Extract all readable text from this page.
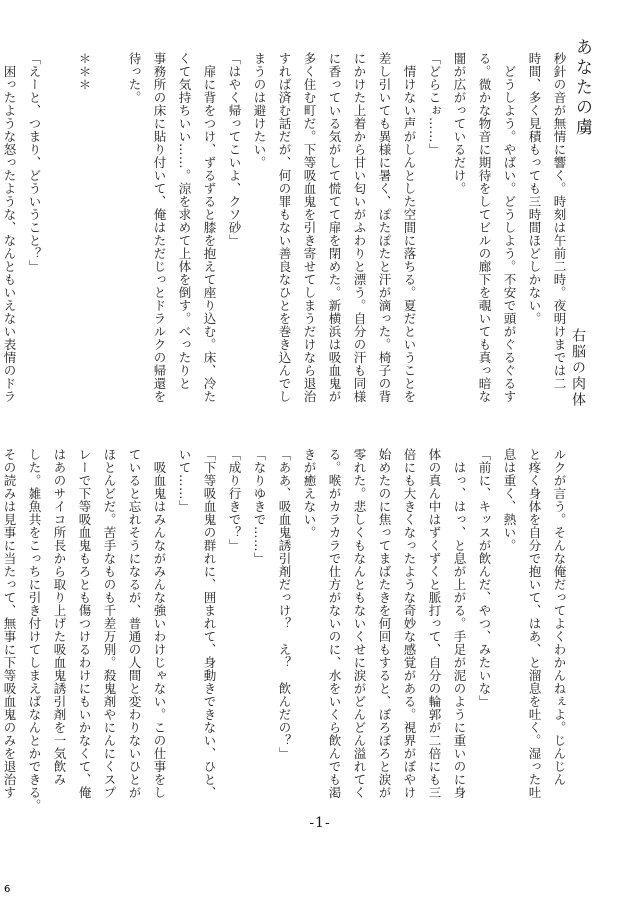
あなたの虜
右脳の肉体
秒針の音が無情に響く。時刻は午前二時。夜明けまでは二
時間、多く見積もっても三時間ほどしかない。
　どうしよう。やばい。どうしよう。不安で頭がぐるぐるす
る。微かな物音に期待をしてビルの廊下を覗いても真っ暗な
闇が広がっているだけ。
「どらこぉ……」
　情けない声がしんとした空間に落ちる。夏だということを
差し引いても異様に暑く、ぽたぽたと汗が滴った。椅子の背
にかけた上着から甘い匂いがふわりと漂う。自分の汗も同様
に香っている気がして慌てて扉を閉めた。新横浜は吸血鬼が
多く住む町だ。下等吸血鬼を引き寄せてしまうだけなら退治
すれば済む話だが、何の罪もない善良なひとを巻き込んでし
まうのは避けたい。
「はやく帰ってこいよ、クソ砂」
　扉に背をつけ、ずるずると膝を抱えて座り込む。床、冷た
くて気持ちいい……。涼を求めて上体を倒す。べったりと
事務所の床に貼り付いて、俺はただじっとドラルクの帰還を
待った。

＊＊＊

「えーと、つまり、どういうこと？」
　困ったような怒ったような、なんともいえない表情のドラ
ルクが言う。そんな俺だってよくわかんねぇよ。じんじん
と疼く身体を自分で抱いて、はあ、と溜息を吐く。湿った吐
息は重く、熱い。
「前に、キッスが飲んだ、やつ、みたいな」
　はっ、はっ、と息が上がる。手足が泥のように重いのに身
体の真ん中はずくずくと脈打って、自分の輪郭が二倍にも三
倍にも大きくなったような奇妙な感覚がある。視界がぼやけ
始めたのに焦ってまばたきを何回もすると、ぼろぼろと涙が
零れた。悲しくもなんともないくせに涙がどんどん溢れてく
る。喉がカラカラで仕方がないのに、水をいくら飲んでも渇
きが癒えない。
「ああ、吸血鬼誘引剤だっけ？　え？　飲んだの？」
「なりゆきで……」
「成り行きで？」
「下等吸血鬼の群れに、囲まれて、身動きできない、ひと、
いて……」
　吸血鬼はみんながみんな強いわけじゃない。この仕事をし
ていると忘れそうになるが、普通の人間と変わりないひとが
ほとんどだ。苦手なものも千差万別。殺鬼剤やにんにくスプ
レーで下等吸血鬼もろとも傷つけるわけにもいかなくて、俺
はあのサイコ所長から取り上げた吸血鬼誘引剤を一気飲み
した。雑魚共をこっちに引き付けてしまえばなんとかできる。
その読みは見事に当たって、無事に下等吸血鬼のみを退治す

-1-
6
